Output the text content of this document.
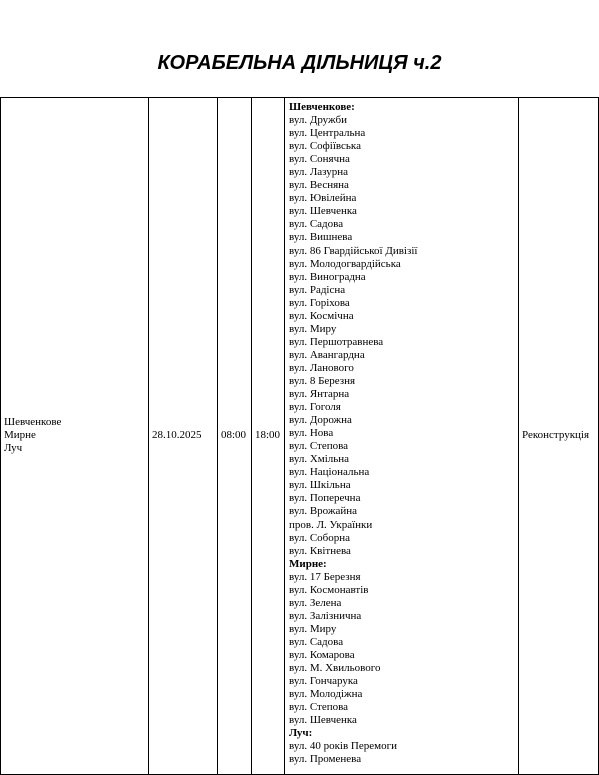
КОРАБЕЛЬНА ДІЛЬНИЦЯ ч.2
Шевченкове
Мирне
Луч
28.10.2025 08:00 18:00	Реконструкція
Шевченкове:
вул. Дружби
вул. Центральна
вул. Софіївська
вул. Сонячна
вул. Лазурна
вул. Весняна
вул. Ювілейна
вул. Шевченка
вул. Садова
вул. Вишнева
вул. 86 Гвардійської Дивізії
вул. Молодогвардійська
вул. Виноградна
вул. Радісна
вул. Горіхова
вул. Космічна
вул. Миру
вул. Першотравнева
вул. Авангардна
вул. Ланового
вул. 8 Березня
вул. Янтарна
вул. Гоголя
вул. Дорожна
вул. Нова
вул. Степова
вул. Хмільна
вул. Національна
вул. Шкільна
вул. Поперечна
вул. Врожайна
пров. Л. Українки
вул. Соборна
вул. Квітнева
Мирне:
вул. 17 Березня
вул. Космонавтів
вул. Зелена
вул. Залізнична
вул. Миру
вул. Садова
вул. Комарова
вул. М. Хвильового
вул. Гончарука
вул. Молодіжна
вул. Степова
вул. Шевченка
Луч:
вул. 40 років Перемоги
вул. Променева
